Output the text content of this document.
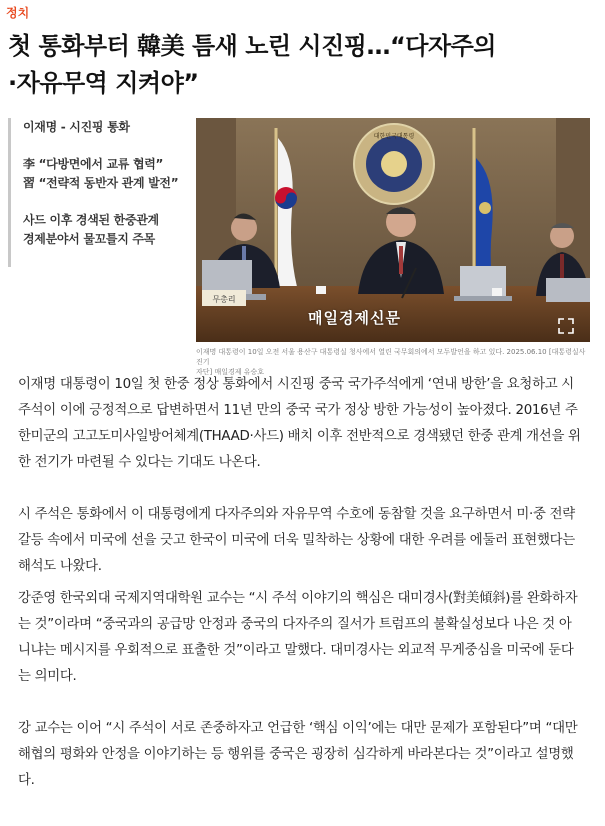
정치
첫 통화부터 韓美 틈새 노린 시진핑…“다자주의
·자유무역 지켜야”
이재명 - 시진핑 통화
李 “다방면에서 교류 협력”
習 “전략적 동반자 관계 발전”
사드 이후 경색된 한중관계
경제분야서 물꼬틀지 주목
대한민국대통령
무총리
매일경제신문
이재명 대통령이 10일 오전 서울 용산구 대통령실 청사에서 열린 국무회의에서 모두발언을 하고 있다. 2025.06.10 [대통령실사진기
자단] 매일경제 유승호

이재명 대통령이 10일 첫 한중 정상 통화에서 시진핑 중국 국가주석에게 ‘연내 방한’을 요청하고 시 주석이 이에 긍정적으로 답변하면서 11년 만의 중국 국가 정상 방한 가능성이 높아졌다. 2016년 주한미군의 고고도미사일방어체계(THAAD·사드) 배치 이후 전반적으로 경색됐던 한중 관계 개선을 위한 전기가 마련될 수 있다는 기대도 나온다.

시 주석은 통화에서 이 대통령에게 다자주의와 자유무역 수호에 동참할 것을 요구하면서 미·중 전략 갈등 속에서 미국에 선을 긋고 한국이 미국에 더욱 밀착하는 상황에 대한 우려를 에둘러 표현했다는 해석도 나왔다.

강준영 한국외대 국제지역대학원 교수는 “시 주석 이야기의 핵심은 대미경사(對美傾斜)를 완화하자는 것”이라며 “중국과의 공급망 안정과 중국의 다자주의 질서가 트럼프의 불확실성보다 나은 것 아니냐는 메시지를 우회적으로 표출한 것”이라고 말했다. 대미경사는 외교적 무게중심을 미국에 둔다는 의미다.

강 교수는 이어 “시 주석이 서로 존중하자고 언급한 ‘핵심 이익’에는 대만 문제가 포함된다”며 “대만해협의 평화와 안정을 이야기하는 등 행위를 중국은 굉장히 심각하게 바라본다는 것”이라고 설명했다.
